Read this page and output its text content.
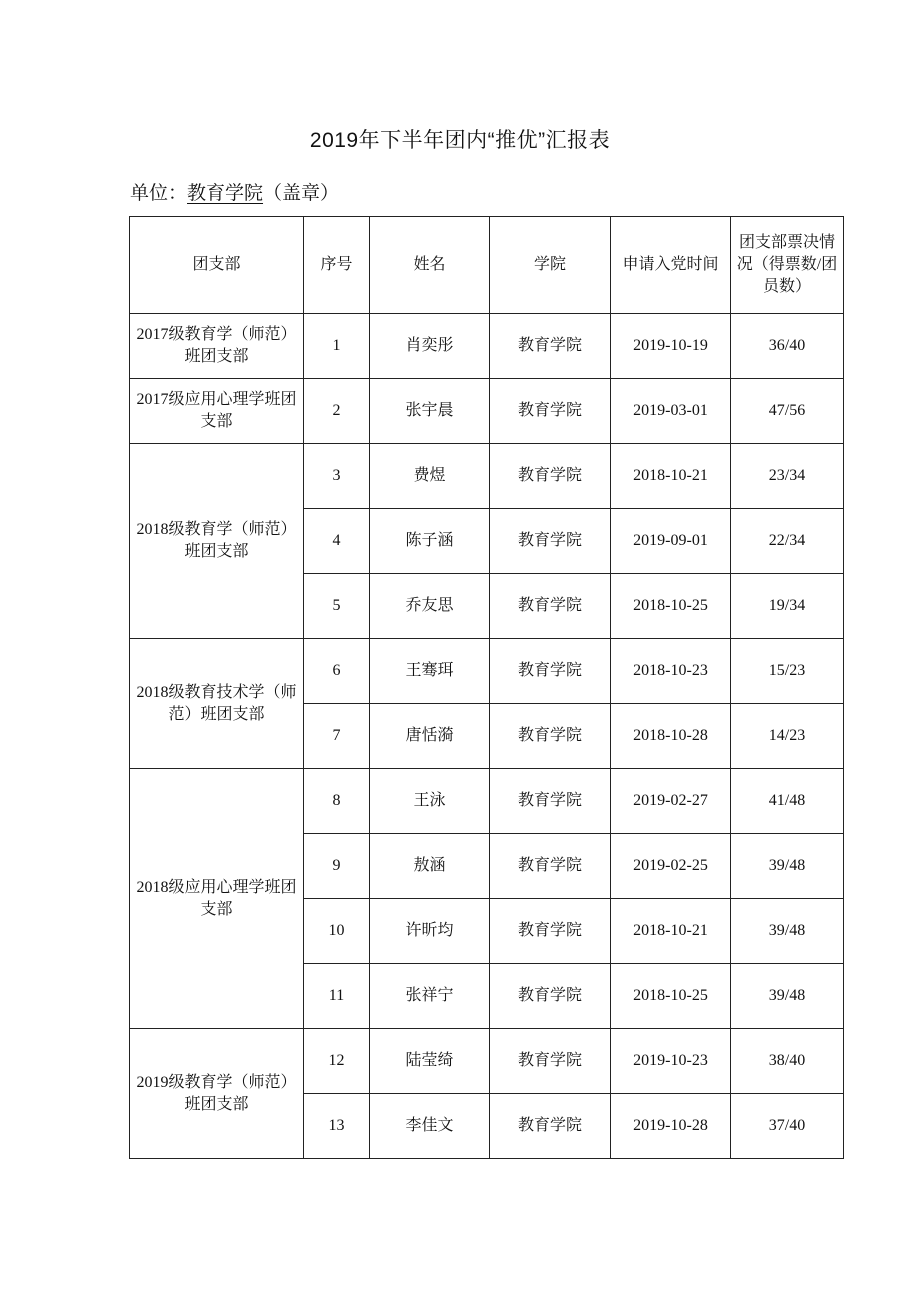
2019年下半年团内“推优”汇报表
单位：教育学院（盖章）
团支部	序号	姓名	学院	申请入党时间	团支部票决情况（得票数/团员数）
2017级教育学（师范）班团支部	1	肖奕彤	教育学院	2019-10-19	36/40
2017级应用心理学班团支部	2	张宇晨	教育学院	2019-03-01	47/56
2018级教育学（师范）班团支部	3	费煜	教育学院	2018-10-21	23/34
	4	陈子涵	教育学院	2019-09-01	22/34
	5	乔友思	教育学院	2018-10-25	19/34
2018级教育技术学（师范）班团支部	6	王骞珥	教育学院	2018-10-23	15/23
	7	唐恬漪	教育学院	2018-10-28	14/23
2018级应用心理学班团支部	8	王泳	教育学院	2019-02-27	41/48
	9	敖涵	教育学院	2019-02-25	39/48
	10	许昕均	教育学院	2018-10-21	39/48
	11	张祥宁	教育学院	2018-10-25	39/48
2019级教育学（师范）班团支部	12	陆莹绮	教育学院	2019-10-23	38/40
	13	李佳文	教育学院	2019-10-28	37/40
